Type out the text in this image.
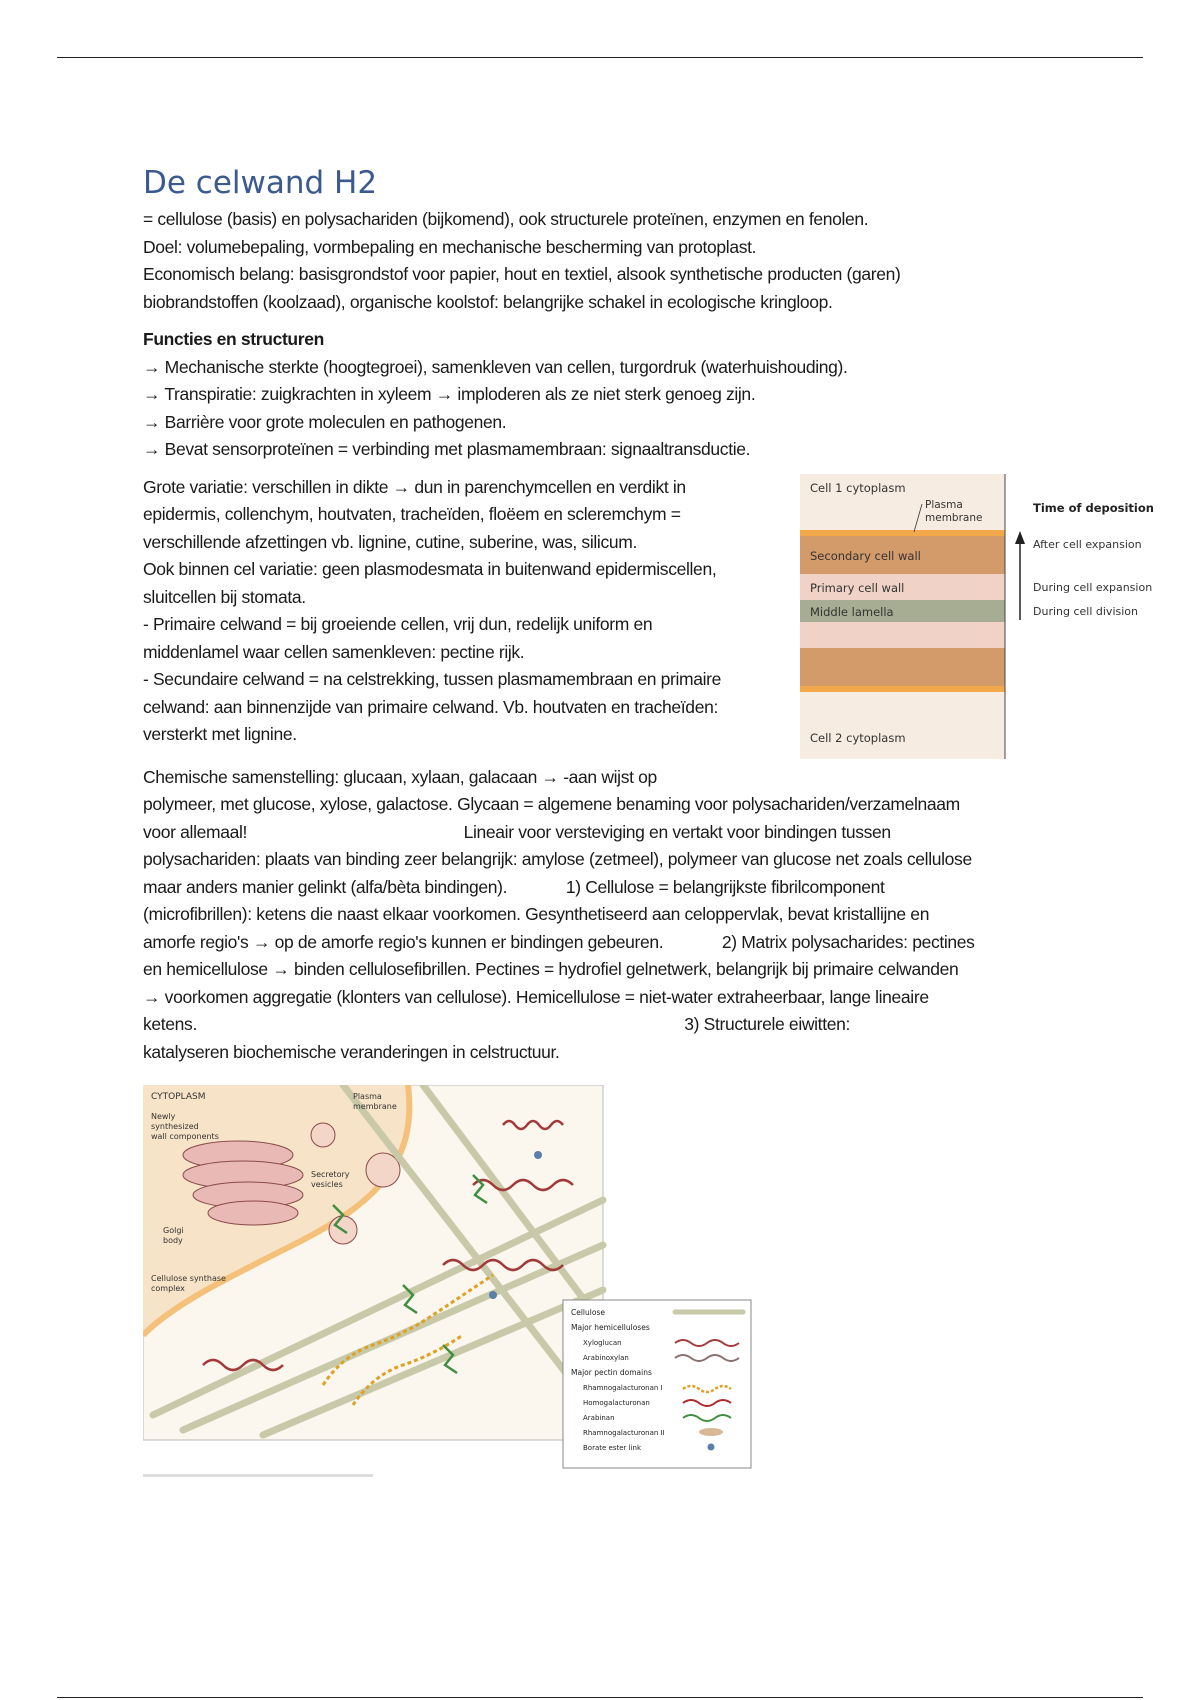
De celwand H2

= cellulose (basis) en polysachariden (bijkomend), ook structurele proteïnen, enzymen en fenolen.

Doel: volumebepaling, vormbepaling en mechanische bescherming van protoplast.

Economisch belang: basisgrondstof voor papier, hout en textiel, alsook synthetische producten (garen)

biobrandstoffen (koolzaad), organische koolstof: belangrijke schakel in ecologische kringloop.

Functies en structuren

→ Mechanische sterkte (hoogtegroei), samenkleven van cellen, turgordruk (waterhuishouding).

→ Transpiratie: zuigkrachten in xyleem → imploderen als ze niet sterk genoeg zijn.

→ Barrière voor grote moleculen en pathogenen.

→ Bevat sensorproteïnen = verbinding met plasmamembraan: signaaltransductie.

Grote variatie: verschillen in dikte → dun in parenchymcellen en verdikt in

epidermis, collenchym, houtvaten, tracheïden, floëem en scleremchym =

verschillende afzettingen vb. lignine, cutine, suberine, was, silicum.

Ook binnen cel variatie: geen plasmodesmata in buitenwand epidermiscellen,

sluitcellen bij stomata.

- Primaire celwand = bij groeiende cellen, vrij dun, redelijk uniform en

middenlamel waar cellen samenkleven: pectine rijk.

- Secundaire celwand = na celstrekking, tussen plasmamembraan en primaire

celwand: aan binnenzijde van primaire celwand. Vb. houtvaten en tracheïden:

versterkt met lignine.

Cell 1 cytoplasm
Plasma
membrane
Secondary cell wall
Primary cell wall
Middle lamella
Cell 2 cytoplasm
Time of deposition
After cell expansion
During cell expansion
During cell division

Chemische samenstelling: glucaan, xylaan, galacaan → -aan wijst op

polymeer, met glucose, xylose, galactose. Glycaan = algemene benaming voor polysachariden/verzamelnaam

voor allemaal!                                                Lineair voor versteviging en vertakt voor bindingen tussen

polysachariden: plaats van binding zeer belangrijk: amylose (zetmeel), polymeer van glucose net zoals cellulose

maar anders manier gelinkt (alfa/bèta bindingen).             1) Cellulose = belangrijkste fibrilcomponent

(microfibrillen): ketens die naast elkaar voorkomen. Gesynthetiseerd aan celoppervlak, bevat kristallijne en

amorfe regio's → op de amorfe regio's kunnen er bindingen gebeuren.             2) Matrix polysacharides: pectines

en hemicellulose → binden cellulosefibrillen. Pectines = hydrofiel gelnetwerk, belangrijk bij primaire celwanden

→ voorkomen aggregatie (klonters van cellulose). Hemicellulose = niet-water extraheerbaar, lange lineaire

ketens.                                                                                                            3) Structurele eiwitten:

katalyseren biochemische veranderingen in celstructuur.

CYTOPLASM
Newly
synthesized
wall components
Plasma
membrane
Secretory
vesicles
Golgi
body
Cellulose synthase
complex
Cellulose
Major hemicelluloses
Xyloglucan
Arabinoxylan
Major pectin domains
Rhamnogalacturonan I
Homogalacturonan
Arabinan
Rhamnogalacturonan II
Borate ester link
